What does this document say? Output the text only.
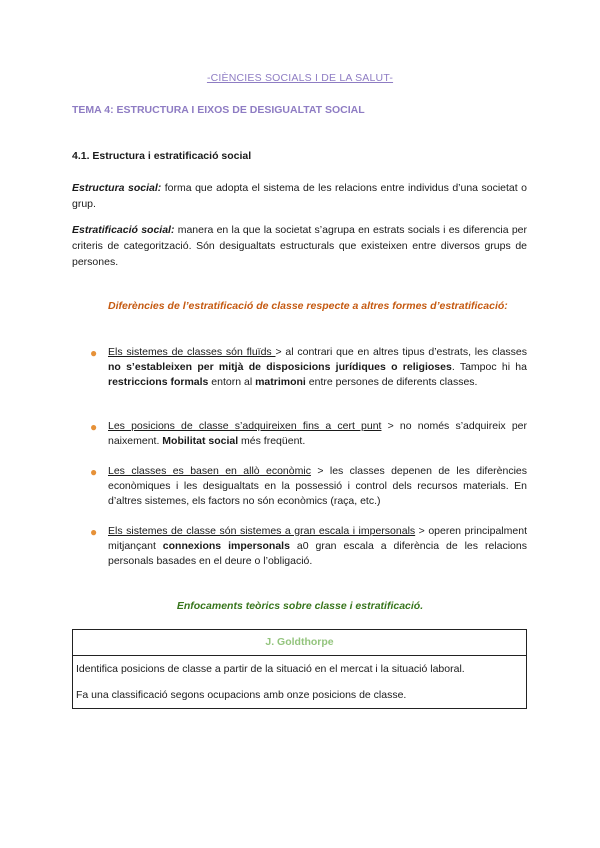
-CIÈNCIES SOCIALS I DE LA SALUT-
TEMA 4: ESTRUCTURA I EIXOS DE DESIGUALTAT SOCIAL
4.1. Estructura i estratificació social
Estructura social: forma que adopta el sistema de les relacions entre individus d’una societat o grup.
Estratificació social: manera en la que la societat s’agrupa en estrats socials i es diferencia per criteris de categorització. Són desigualtats estructurals que existeixen entre diversos grups de persones.
Diferències de l’estratificació de classe respecte a altres formes d’estratificació:
● Els sistemes de classes són fluïds > al contrari que en altres tipus d’estrats, les classes no s’estableixen per mitjà de disposicions jurídiques o religioses. Tampoc hi ha restriccions formals entorn al matrimoni entre persones de diferents classes.
● Les posicions de classe s’adquireixen fins a cert punt > no només s’adquireix per naixement. Mobilitat social més freqüent.
● Les classes es basen en allò econòmic > les classes depenen de les diferències econòmiques i les desigualtats en la possessió i control dels recursos materials. En d’altres sistemes, els factors no són econòmics (raça, etc.)
● Els sistemes de classe són sistemes a gran escala i impersonals > operen principalment mitjançant connexions impersonals a0 gran escala a diferència de les relacions personals basades en el deure o l’obligació.
Enfocaments teòrics sobre classe i estratificació.
J. Goldthorpe
Identifica posicions de classe a partir de la situació en el mercat i la situació laboral.
Fa una classificació segons ocupacions amb onze posicions de classe.
